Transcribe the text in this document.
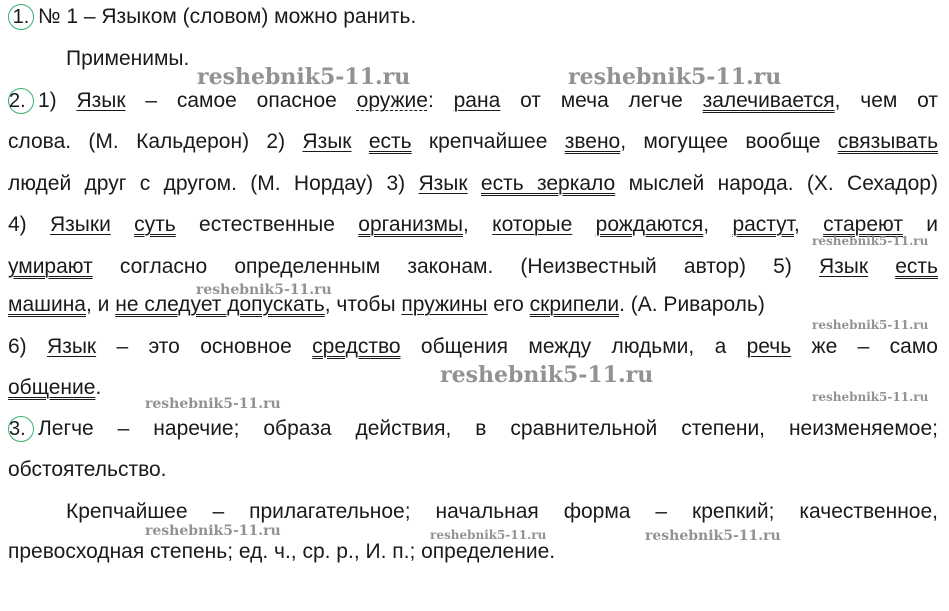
1. № 1 – Языком (словом) можно ранить.
Применимы.
2. 1) Язык – самое опасное оружие: рана от меча легче залечивается, чем от
слова. (М. Кальдерон) 2) Язык есть крепчайшее звено, могущее вообще связывать
людей друг с другом. (М. Нордау) 3) Язык есть зеркало мыслей народа. (Х. Сехадор)
4) Языки суть естественные организмы, которые рождаются, растут, стареют и
умирают согласно определенным законам. (Неизвестный автор) 5) Язык есть
машина, и не следует допускать, чтобы пружины его скрипели. (А. Ривароль)
6) Язык – это основное средство общения между людьми, а речь же – само
общение.
3. Легче – наречие; образа действия, в сравнительной степени, неизменяемое;
обстоятельство.
Крепчайшее – прилагательное; начальная форма – крепкий; качественное,
превосходная степень; ед. ч., ср. р., И. п.; определение.
reshebnik5-11.ru	reshebnik5-11.ru
reshebnik5-11.ru
reshebnik5-11.ru
reshebnik5-11.ru
reshebnik5-11.ru
reshebnik5-11.ru
reshebnik5-11.ru
reshebnik5-11.ru	reshebnik5-11.ru	reshebnik5-11.ru
